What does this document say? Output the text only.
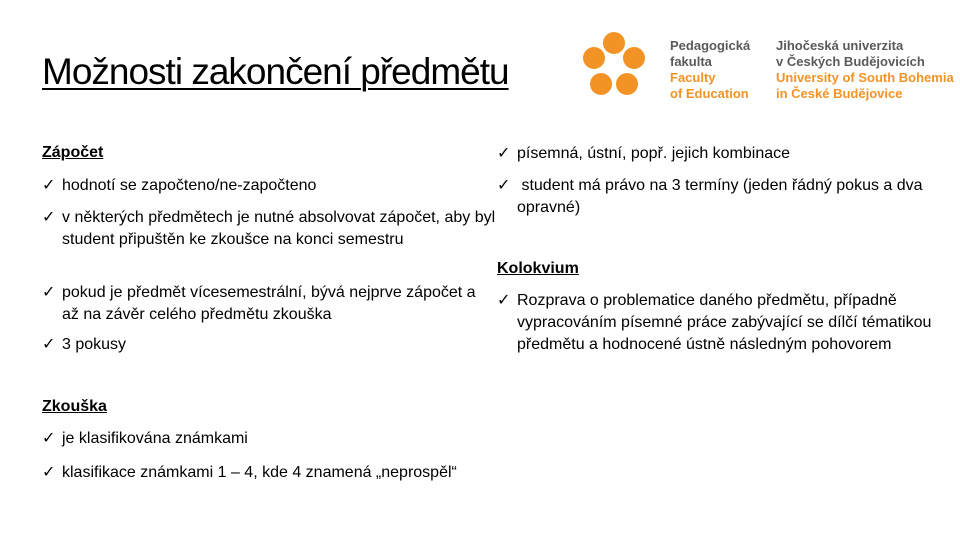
Možnosti zakončení předmětu
Pedagogická
fakulta
Faculty
of Education
Jihočeská univerzita
v Českých Budějovicích
University of South Bohemia
in České Budějovice
Zápočet
✓ hodnotí se započteno/ne-započteno
✓ v některých předmětech je nutné absolvovat zápočet, aby byl student připuštěn ke zkoušce na konci semestru
✓ pokud je předmět vícesemestrální, bývá nejprve zápočet a až na závěr celého předmětu zkouška
✓ 3 pokusy
Zkouška
✓ je klasifikována známkami
✓ klasifikace známkami 1 – 4, kde 4 znamená „neprospěl“
✓ písemná, ústní, popř. jejich kombinace
✓ student má právo na 3 termíny (jeden řádný pokus a dva opravné)
Kolokvium
✓ Rozprava o problematice daného předmětu, případně vypracováním písemné práce zabývající se dílčí tématikou předmětu a hodnocené ústně následným pohovorem
